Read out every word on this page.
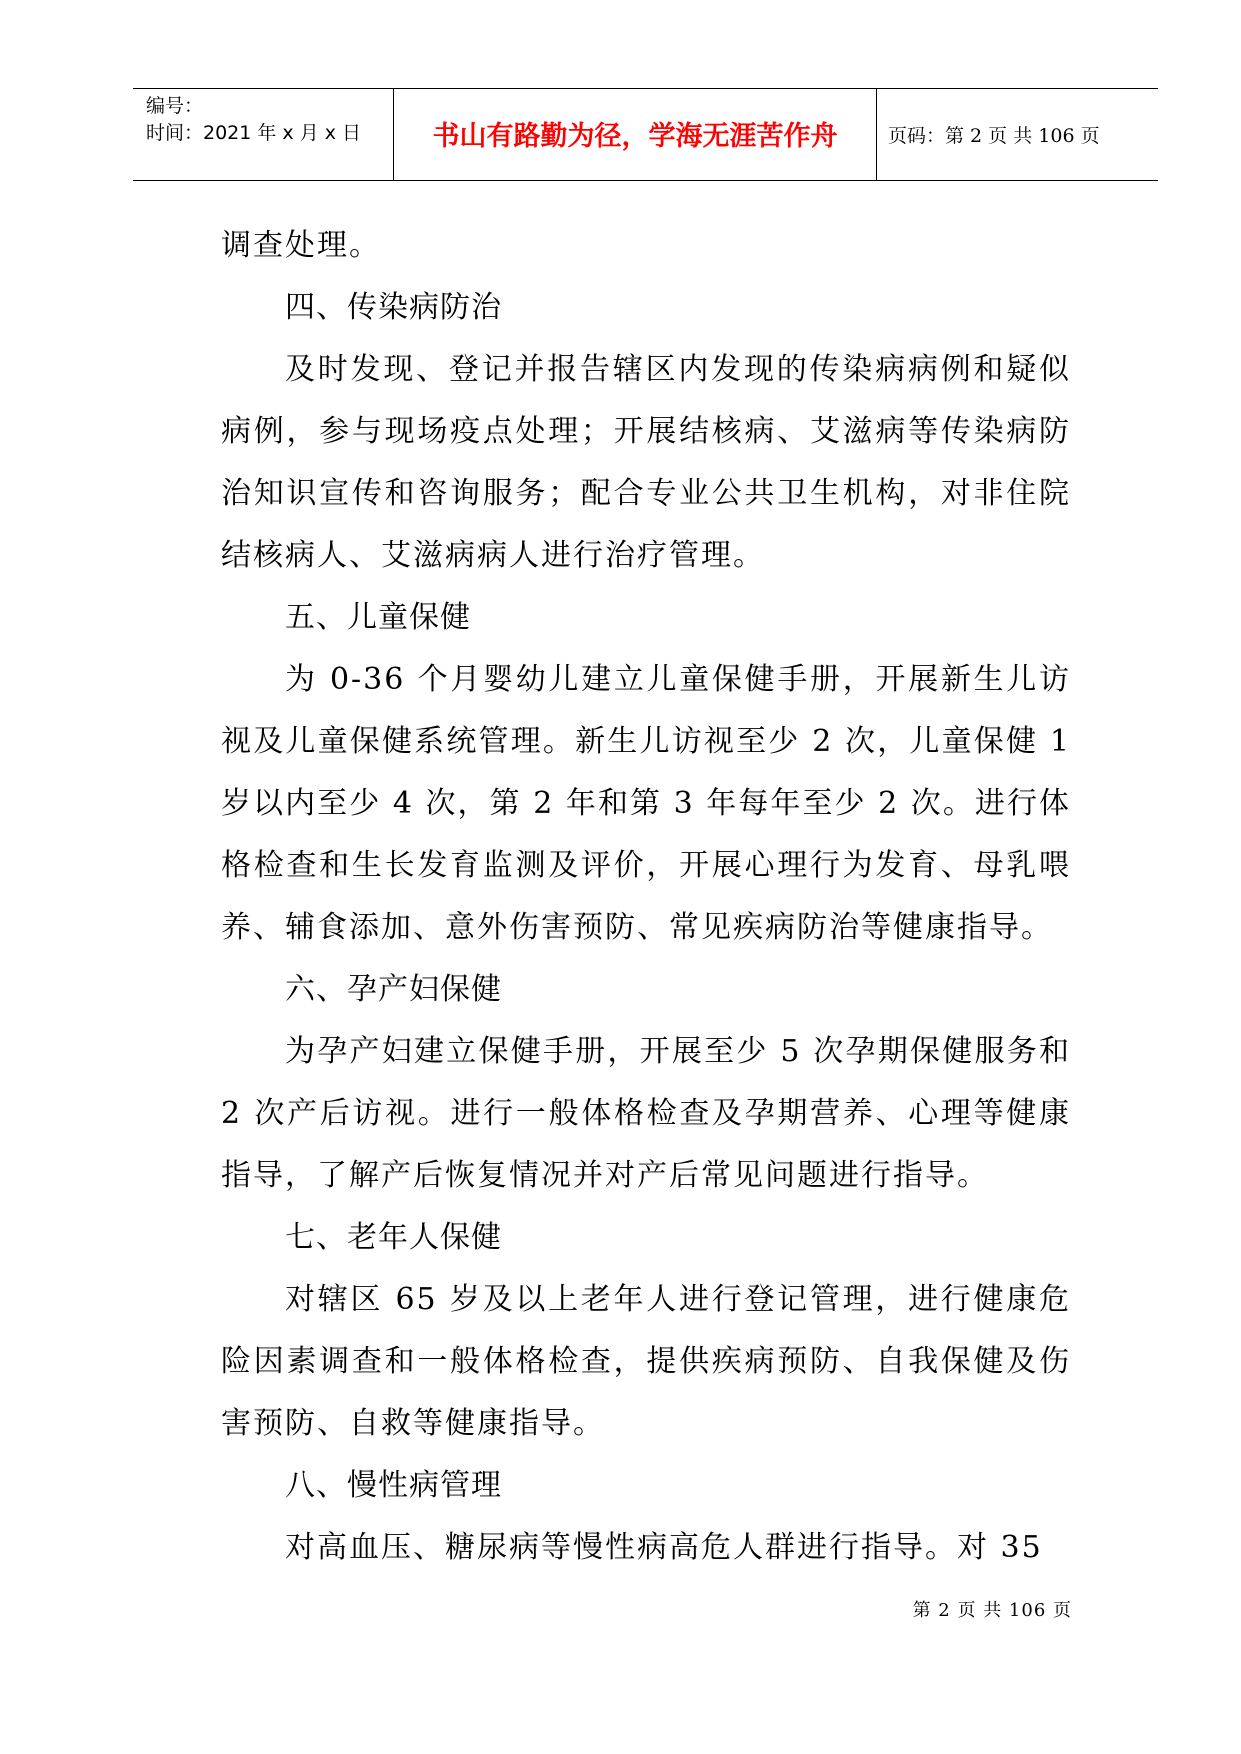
编号：
时间：2021 年 x 月 x 日	书山有路勤为径，学海无涯苦作舟	页码：第 2 页 共 106 页

调查处理。

四、传染病防治

及时发现、登记并报告辖区内发现的传染病病例和疑似病例，参与现场疫点处理；开展结核病、艾滋病等传染病防治知识宣传和咨询服务；配合专业公共卫生机构，对非住院结核病人、艾滋病病人进行治疗管理。

五、儿童保健

为 0-36 个月婴幼儿建立儿童保健手册，开展新生儿访视及儿童保健系统管理。新生儿访视至少 2 次，儿童保健 1 岁以内至少 4 次，第 2 年和第 3 年每年至少 2 次。进行体格检查和生长发育监测及评价，开展心理行为发育、母乳喂养、辅食添加、意外伤害预防、常见疾病防治等健康指导。

六、孕产妇保健

为孕产妇建立保健手册，开展至少 5 次孕期保健服务和 2 次产后访视。进行一般体格检查及孕期营养、心理等健康指导，了解产后恢复情况并对产后常见问题进行指导。

七、老年人保健

对辖区 65 岁及以上老年人进行登记管理，进行健康危险因素调查和一般体格检查，提供疾病预防、自我保健及伤害预防、自救等健康指导。

八、慢性病管理

对高血压、糖尿病等慢性病高危人群进行指导。对 35

第 2 页 共 106 页
